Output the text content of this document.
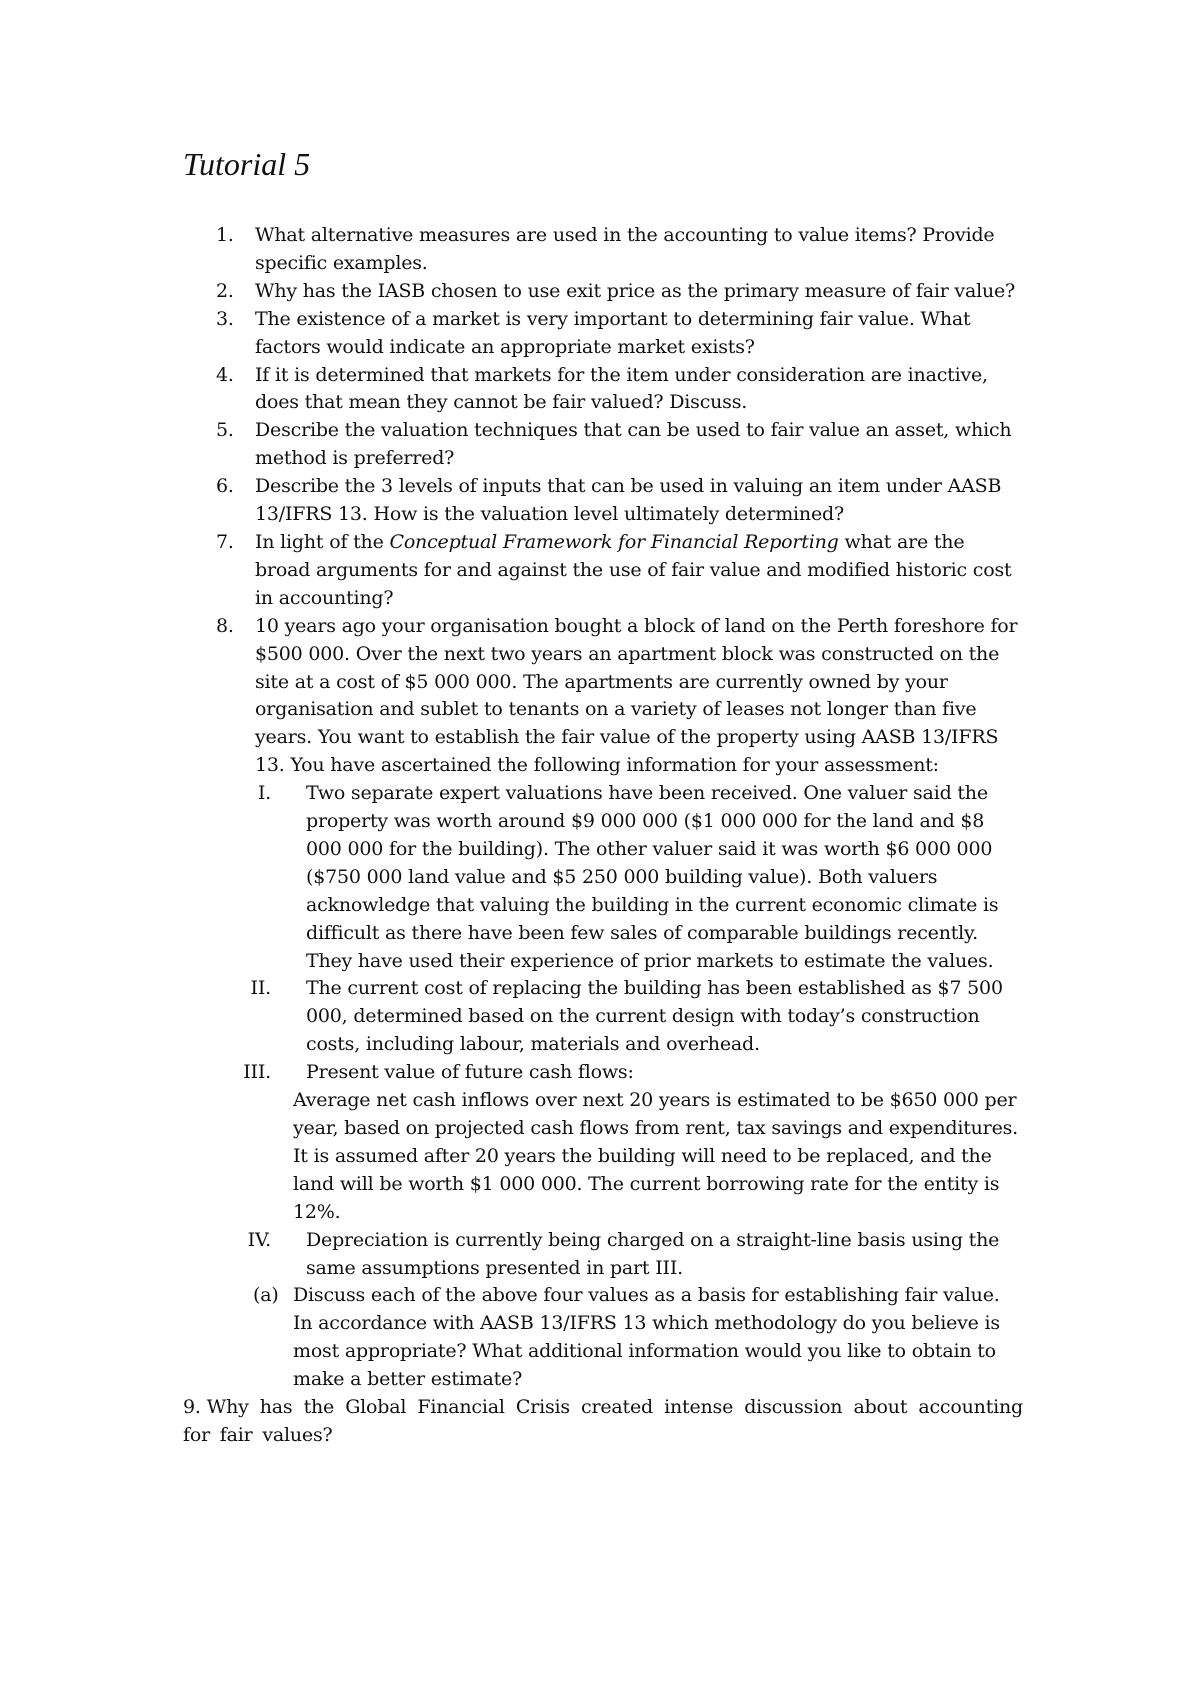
Tutorial 5

1. What alternative measures are used in the accounting to value items? Provide specific examples.

2. Why has the IASB chosen to use exit price as the primary measure of fair value?

3. The existence of a market is very important to determining fair value. What factors would indicate an appropriate market exists?

4. If it is determined that markets for the item under consideration are inactive, does that mean they cannot be fair valued? Discuss.

5. Describe the valuation techniques that can be used to fair value an asset, which method is preferred?

6. Describe the 3 levels of inputs that can be used in valuing an item under AASB 13/IFRS 13. How is the valuation level ultimately determined?

7. In light of the Conceptual Framework for Financial Reporting what are the broad arguments for and against the use of fair value and modified historic cost in accounting?

8. 10 years ago your organisation bought a block of land on the Perth foreshore for $500 000. Over the next two years an apartment block was constructed on the site at a cost of $5 000 000. The apartments are currently owned by your organisation and sublet to tenants on a variety of leases not longer than five years. You want to establish the fair value of the property using AASB 13/IFRS 13. You have ascertained the following information for your assessment:

I. Two separate expert valuations have been received. One valuer said the property was worth around $9 000 000 ($1 000 000 for the land and $8 000 000 for the building). The other valuer said it was worth $6 000 000 ($750 000 land value and $5 250 000 building value). Both valuers acknowledge that valuing the building in the current economic climate is difficult as there have been few sales of comparable buildings recently. They have used their experience of prior markets to estimate the values.

II. The current cost of replacing the building has been established as $7 500 000, determined based on the current design with today’s construction costs, including labour, materials and overhead.

III. Present value of future cash flows:

Average net cash inflows over next 20 years is estimated to be $650 000 per year, based on projected cash flows from rent, tax savings and expenditures. It is assumed after 20 years the building will need to be replaced, and the land will be worth $1 000 000. The current borrowing rate for the entity is 12%.

IV. Depreciation is currently being charged on a straight-line basis using the same assumptions presented in part III.

(a) Discuss each of the above four values as a basis for establishing fair value. In accordance with AASB 13/IFRS 13 which methodology do you believe is most appropriate? What additional information would you like to obtain to make a better estimate?

9. Why has the Global Financial Crisis created intense discussion about accounting for fair values?
